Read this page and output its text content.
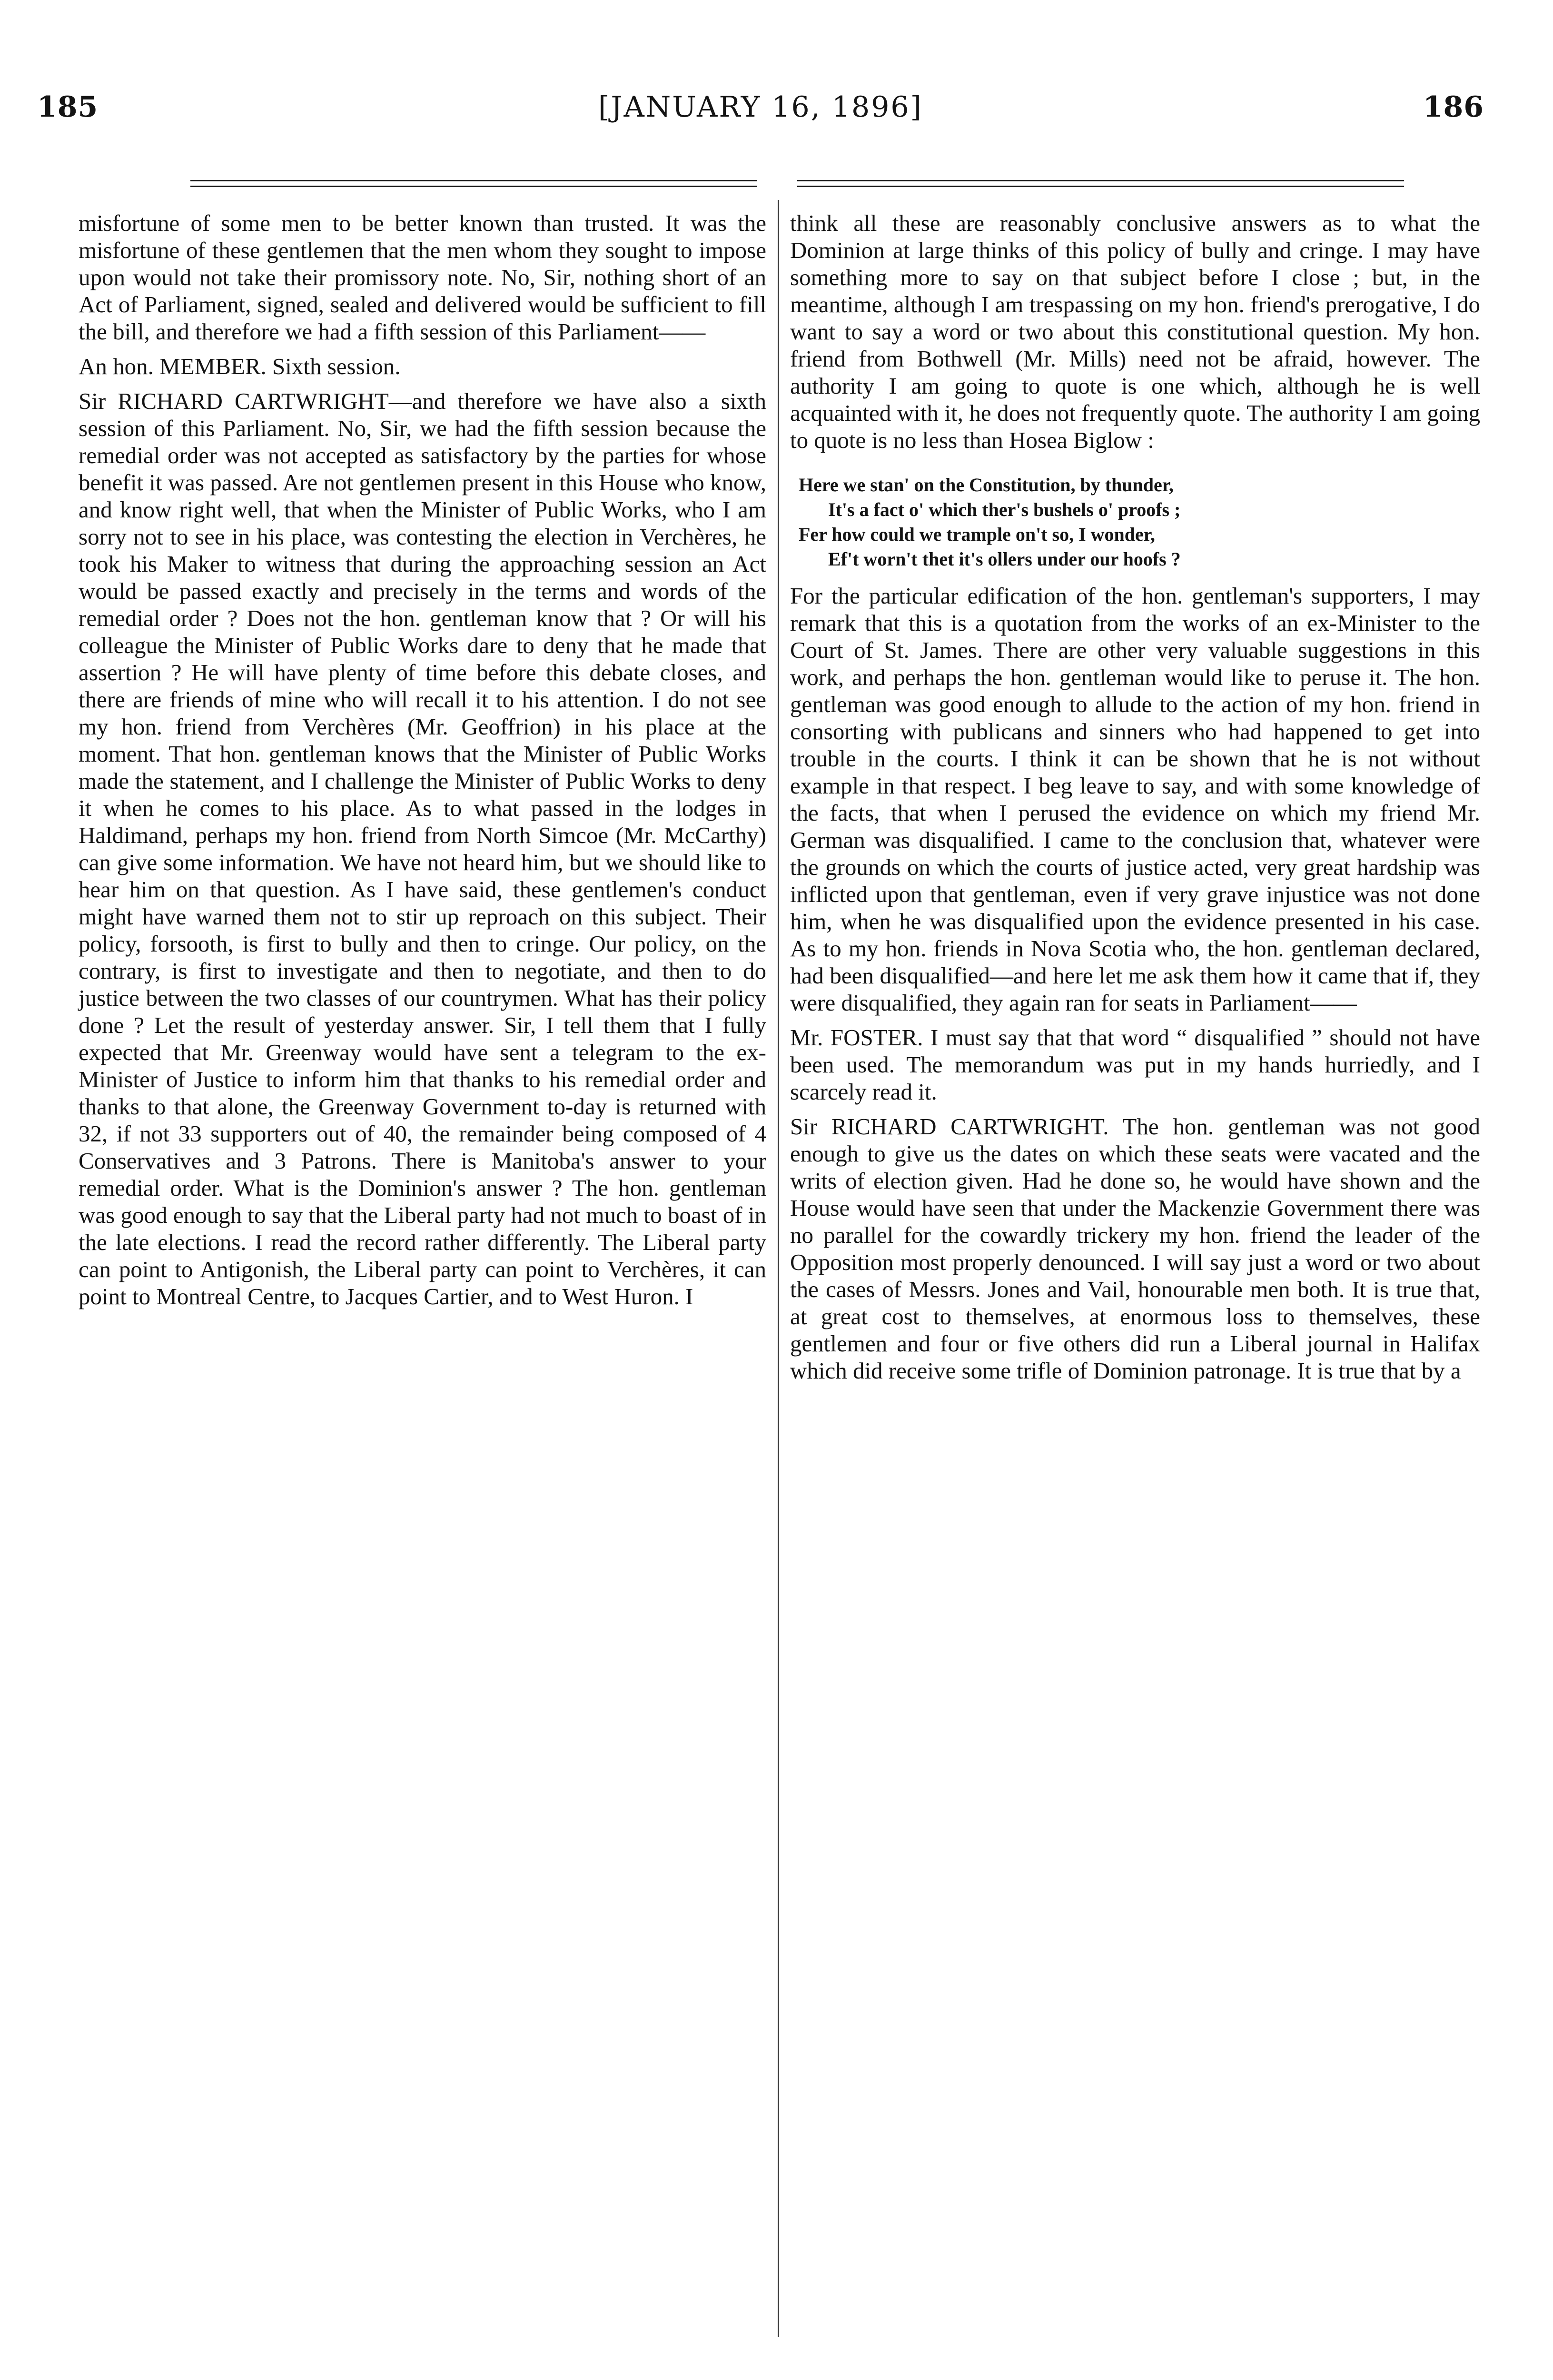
185	[JANUARY 16, 1896]	186

misfortune of some men to be better known than trusted. It was the misfortune of these gentlemen that the men whom they sought to impose upon would not take their promissory note. No, Sir, nothing short of an Act of Parliament, signed, sealed and delivered would be sufficient to fill the bill, and therefore we had a fifth session of this Parliament——

An hon. MEMBER. Sixth session.

Sir RICHARD CARTWRIGHT—and therefore we have also a sixth session of this Parliament. No, Sir, we had the fifth session because the remedial order was not accepted as satisfactory by the parties for whose benefit it was passed. Are not gentlemen present in this House who know, and know right well, that when the Minister of Public Works, who I am sorry not to see in his place, was contesting the election in Verchères, he took his Maker to witness that during the approaching session an Act would be passed exactly and precisely in the terms and words of the remedial order ? Does not the hon. gentleman know that ? Or will his colleague the Minister of Public Works dare to deny that he made that assertion ? He will have plenty of time before this debate closes, and there are friends of mine who will recall it to his attention. I do not see my hon. friend from Verchères (Mr. Geoffrion) in his place at the moment. That hon. gentleman knows that the Minister of Public Works made the statement, and I challenge the Minister of Public Works to deny it when he comes to his place. As to what passed in the lodges in Haldimand, perhaps my hon. friend from North Simcoe (Mr. McCarthy) can give some information. We have not heard him, but we should like to hear him on that question. As I have said, these gentlemen's conduct might have warned them not to stir up reproach on this subject. Their policy, forsooth, is first to bully and then to cringe. Our policy, on the contrary, is first to investigate and then to negotiate, and then to do justice between the two classes of our countrymen. What has their policy done ? Let the result of yesterday answer. Sir, I tell them that I fully expected that Mr. Greenway would have sent a telegram to the ex-Minister of Justice to inform him that thanks to his remedial order and thanks to that alone, the Greenway Government to-day is returned with 32, if not 33 supporters out of 40, the remainder being composed of 4 Conservatives and 3 Patrons. There is Manitoba's answer to your remedial order. What is the Dominion's answer ? The hon. gentleman was good enough to say that the Liberal party had not much to boast of in the late elections. I read the record rather differently. The Liberal party can point to Antigonish, the Liberal party can point to Verchères, it can point to Montreal Centre, to Jacques Cartier, and to West Huron. I

think all these are reasonably conclusive answers as to what the Dominion at large thinks of this policy of bully and cringe. I may have something more to say on that subject before I close ; but, in the meantime, although I am trespassing on my hon. friend's prerogative, I do want to say a word or two about this constitutional question. My hon. friend from Bothwell (Mr. Mills) need not be afraid, however. The authority I am going to quote is one which, although he is well acquainted with it, he does not frequently quote. The authority I am going to quote is no less than Hosea Biglow :

Here we stan' on the Constitution, by thunder,
It's a fact o' which ther's bushels o' proofs ;
Fer how could we trample on't so, I wonder,
Ef't worn't thet it's ollers under our hoofs ?

For the particular edification of the hon. gentleman's supporters, I may remark that this is a quotation from the works of an ex-Minister to the Court of St. James. There are other very valuable suggestions in this work, and perhaps the hon. gentleman would like to peruse it. The hon. gentleman was good enough to allude to the action of my hon. friend in consorting with publicans and sinners who had happened to get into trouble in the courts. I think it can be shown that he is not without example in that respect. I beg leave to say, and with some knowledge of the facts, that when I perused the evidence on which my friend Mr. German was disqualified. I came to the conclusion that, whatever were the grounds on which the courts of justice acted, very great hardship was inflicted upon that gentleman, even if very grave injustice was not done him, when he was disqualified upon the evidence presented in his case. As to my hon. friends in Nova Scotia who, the hon. gentleman declared, had been disqualified—and here let me ask them how it came that if, they were disqualified, they again ran for seats in Parliament——

Mr. FOSTER. I must say that that word “ disqualified ” should not have been used. The memorandum was put in my hands hurriedly, and I scarcely read it.

Sir RICHARD CARTWRIGHT. The hon. gentleman was not good enough to give us the dates on which these seats were vacated and the writs of election given. Had he done so, he would have shown and the House would have seen that under the Mackenzie Government there was no parallel for the cowardly trickery my hon. friend the leader of the Opposition most properly denounced. I will say just a word or two about the cases of Messrs. Jones and Vail, honourable men both. It is true that, at great cost to themselves, at enormous loss to themselves, these gentlemen and four or five others did run a Liberal journal in Halifax which did receive some trifle of Dominion patronage. It is true that by a
